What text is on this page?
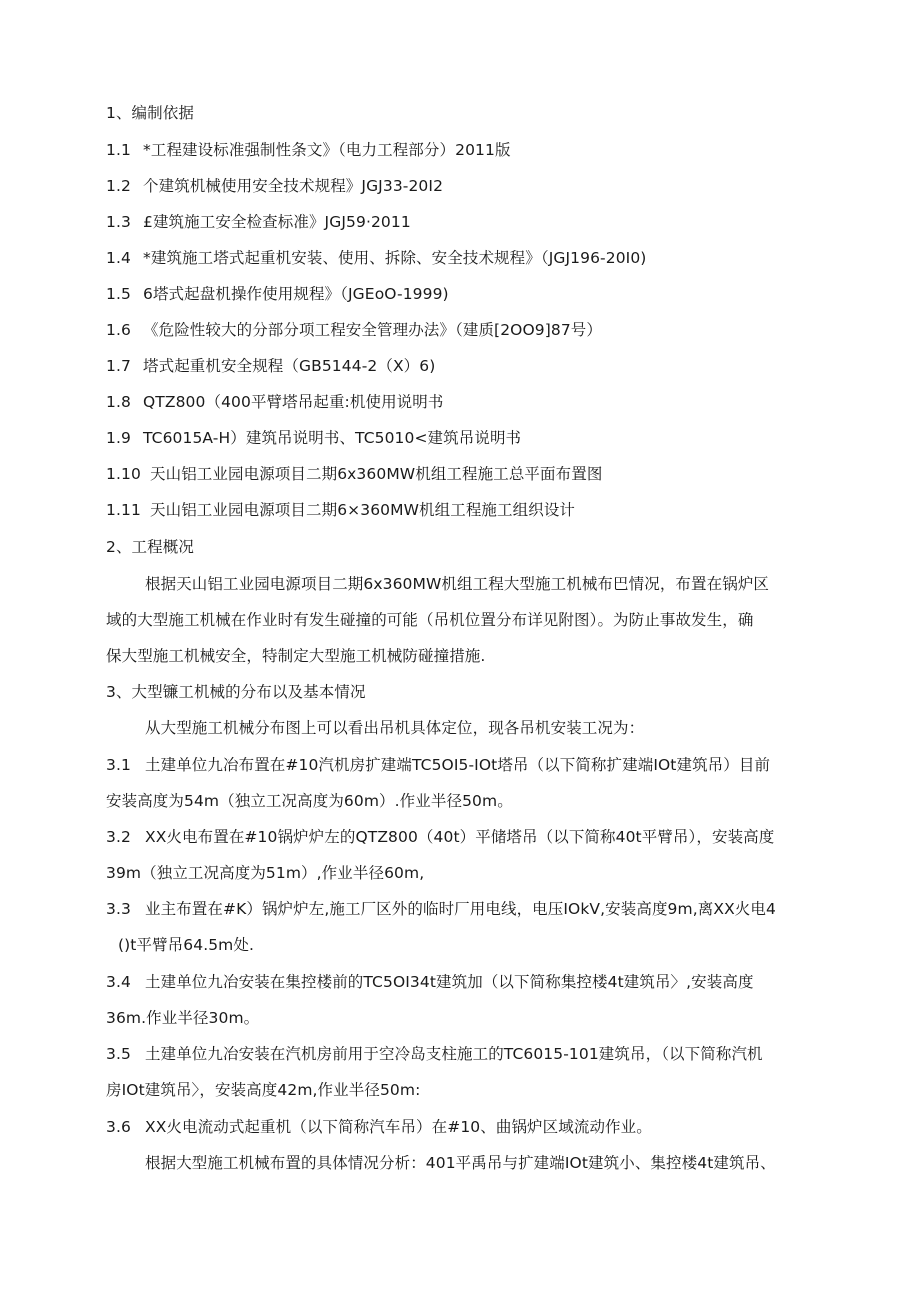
1、编制依据
1.1 *工程建设标准强制性条文》（电力工程部分）2011版
1.2 个建筑机械使用安全技术规程》JGJ33-20I2
1.3 £建筑施工安全检查标准》JGJ59·2011
1.4 *建筑施工塔式起重机安装、使用、拆除、安全技术规程》（JGJ196-20I0)
1.5 6塔式起盘机操作使用规程》（JGEoO-1999)
1.6 《危险性较大的分部分项工程安全管理办法》（建质[2OO9]87号）
1.7 塔式起重机安全规程（GB5144-2（X）6)
1.8 QTZ800（400平臂塔吊起重:机使用说明书
1.9 TC6015A-H）建筑吊说明书、TC5010<建筑吊说明书
1.10 天山铝工业园电源项目二期6x360MW机组工程施工总平面布置图
1.11 天山铝工业园电源项目二期6×360MW机组工程施工组织设计
2、工程概况
根据天山铝工业园电源项目二期6x360MW机组工程大型施工机械布巴情况，布置在锅炉区
域的大型施工机械在作业时有发生碰撞的可能（吊机位置分布详见附图）。为防止事故发生，确
保大型施工机械安全，特制定大型施工机械防碰撞措施.
3、大型镰工机械的分布以及基本情况
从大型施工机械分布图上可以看出吊机具体定位，现各吊机安装工况为：
3.1 土建单位九冶布置在#10汽机房扩建端TC5OI5-IOt塔吊（以下简称扩建端IOt建筑吊）目前
安装高度为54m（独立工况高度为60m）.作业半径50m。
3.2 XX火电布置在#10锅炉炉左的QTZ800（40t）平储塔吊（以下简称40t平臂吊），安装高度
39m（独立工况高度为51m）,作业半径60m,
3.3 业主布置在#K）锅炉炉左,施工厂区外的临时厂用电线，电压IOkV,安装高度9m,离XX火电4
()t平臂吊64.5m处.
3.4 土建单位九冶安装在集控楼前的TC5OI34t建筑加（以下简称集控楼4t建筑吊〉,安装高度
36m.作业半径30m。
3.5 土建单位九冶安装在汽机房前用于空冷岛支柱施工的TC6015-101建筑吊，（以下简称汽机
房IOt建筑吊〉，安装高度42m,作业半径50m:
3.6 XX火电流动式起重机（以下简称汽车吊）在#10、曲锅炉区域流动作业。
根据大型施工机械布置的具体情况分析：401平禹吊与扩建端IOt建筑小、集控楼4t建筑吊、
